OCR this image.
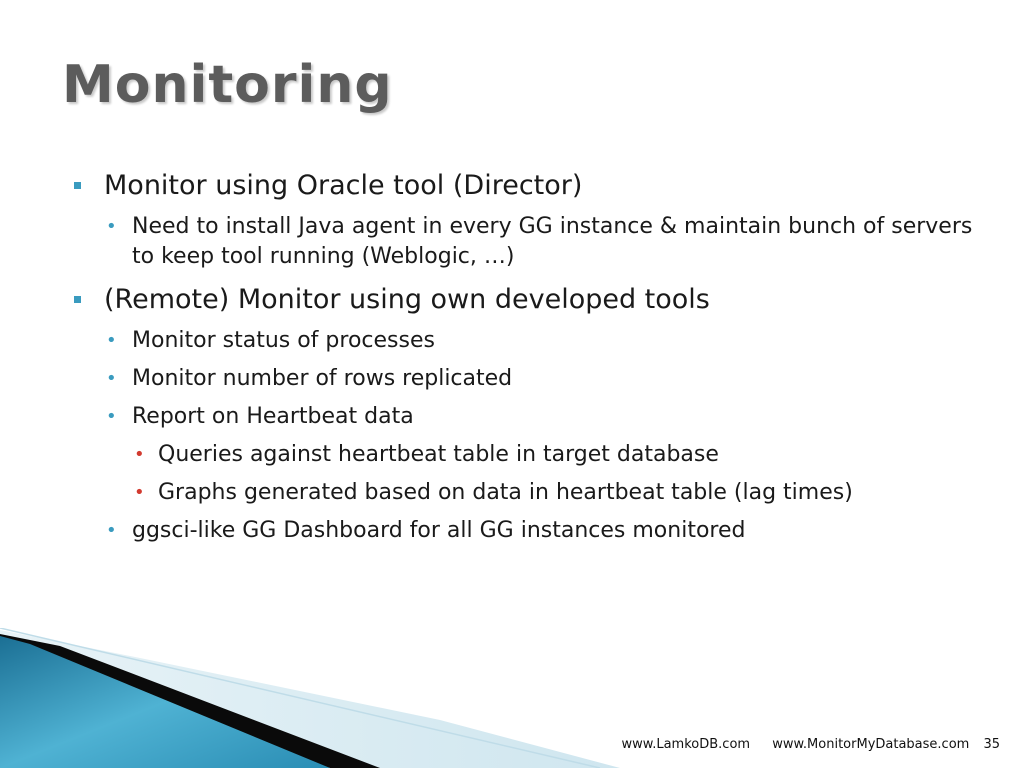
Monitoring
Monitor using Oracle tool (Director)
• Need to install Java agent in every GG instance & maintain bunch of servers to keep tool running (Weblogic, …)
(Remote) Monitor using own developed tools
• Monitor status of processes
• Monitor number of rows replicated
• Report on Heartbeat data
• Queries against heartbeat table in target database
• Graphs generated based on data in heartbeat table (lag times)
• ggsci-like GG Dashboard for all GG instances monitored
www.LamkoDB.com www.MonitorMyDatabase.com 35
